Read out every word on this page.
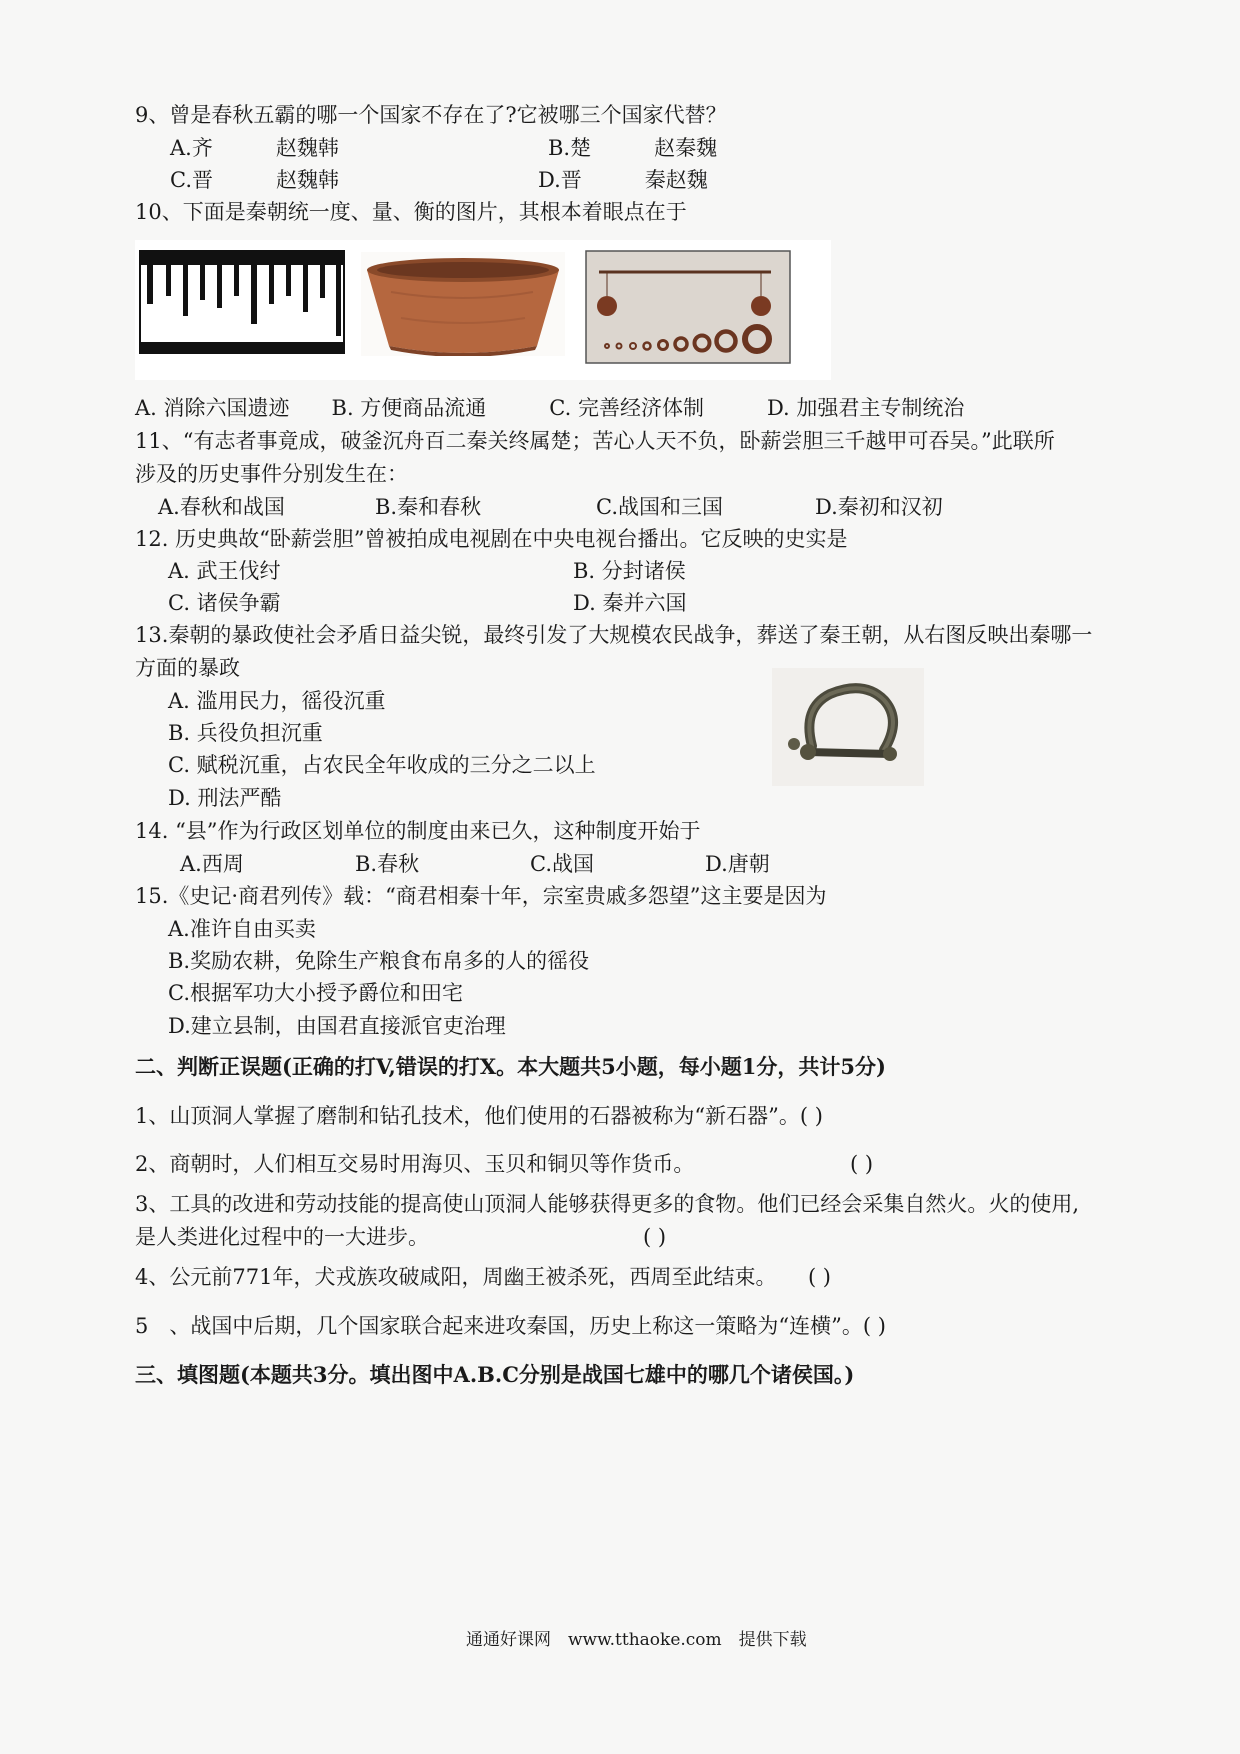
9、曾是春秋五霸的哪一个国家不存在了?它被哪三个国家代替？
A.齐　　　赵魏韩	B.楚　　　赵秦魏
C.晋　　　赵魏韩	D.晋　　　秦赵魏
10、下面是秦朝统一度、量、衡的图片，其根本着眼点在于
A. 消除六国遗迹　　B. 方便商品流通　　　C. 完善经济体制　　　D. 加强君主专制统治
11、“有志者事竟成，破釜沉舟百二秦关终属楚；苦心人天不负，卧薪尝胆三千越甲可吞吴。”此联所
涉及的历史事件分别发生在：
A.春秋和战国	B.秦和春秋	C.战国和三国	D.秦初和汉初
12. 历史典故“卧薪尝胆”曾被拍成电视剧在中央电视台播出。它反映的史实是
A. 武王伐纣	B. 分封诸侯
C. 诸侯争霸	D. 秦并六国
13.秦朝的暴政使社会矛盾日益尖锐，最终引发了大规模农民战争，葬送了秦王朝，从右图反映出秦哪一
方面的暴政
A. 滥用民力，徭役沉重
B. 兵役负担沉重
C. 赋税沉重，占农民全年收成的三分之二以上
D. 刑法严酷
14. “县”作为行政区划单位的制度由来已久，这种制度开始于
A.西周	B.春秋	C.战国	D.唐朝
15.《史记·商君列传》载：“商君相秦十年，宗室贵戚多怨望”这主要是因为
A.准许自由买卖
B.奖励农耕，免除生产粮食布帛多的人的徭役
C.根据军功大小授予爵位和田宅
D.建立县制，由国君直接派官吏治理
二、判断正误题(正确的打V,错误的打X。本大题共5小题，每小题1分，共计5分)
1、山顶洞人掌握了磨制和钻孔技术，他们使用的石器被称为“新石器”。( )
2、商朝时，人们相互交易时用海贝、玉贝和铜贝等作货币。	( )
3、工具的改进和劳动技能的提高使山顶洞人能够获得更多的食物。他们已经会采集自然火。火的使用,
是人类进化过程中的一大进步。	( )
4、公元前771年，犬戎族攻破咸阳，周幽王被杀死，西周至此结束。　　( )
5　、战国中后期，几个国家联合起来进攻秦国，历史上称这一策略为“连横”。( )
三、填图题(本题共3分。填出图中A.B.C分别是战国七雄中的哪几个诸侯国。)
通通好课网　www.tthaoke.com　提供下载
